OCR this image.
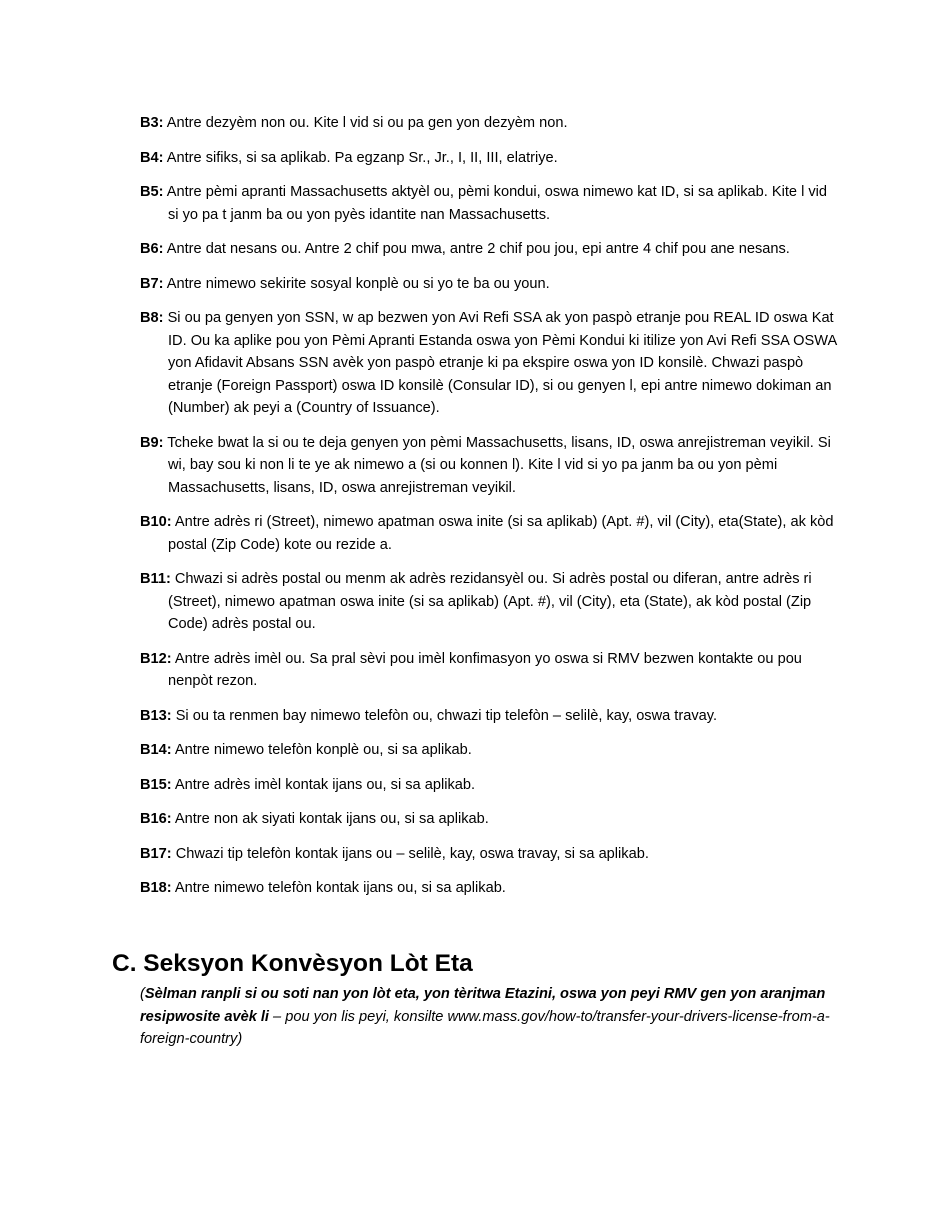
B3: Antre dezyèm non ou. Kite l vid si ou pa gen yon dezyèm non.

B4: Antre sifiks, si sa aplikab. Pa egzanp Sr., Jr., I, II, III, elatriye.

B5: Antre pèmi apranti Massachusetts aktyèl ou, pèmi kondui, oswa nimewo kat ID, si sa aplikab. Kite l vid si yo pa t janm ba ou yon pyès idantite nan Massachusetts.

B6: Antre dat nesans ou. Antre 2 chif pou mwa, antre 2 chif pou jou, epi antre 4 chif pou ane nesans.

B7: Antre nimewo sekirite sosyal konplè ou si yo te ba ou youn.

B8: Si ou pa genyen yon SSN, w ap bezwen yon Avi Refi SSA ak yon paspò etranje pou REAL ID oswa Kat ID. Ou ka aplike pou yon Pèmi Apranti Estanda oswa yon Pèmi Kondui ki itilize yon Avi Refi SSA OSWA yon Afidavit Absans SSN avèk yon paspò etranje ki pa ekspire oswa yon ID konsilè. Chwazi paspò etranje (Foreign Passport) oswa ID konsilè (Consular ID), si ou genyen l, epi antre nimewo dokiman an (Number) ak peyi a (Country of Issuance).

B9: Tcheke bwat la si ou te deja genyen yon pèmi Massachusetts, lisans, ID, oswa anrejistreman veyikil. Si wi, bay sou ki non li te ye ak nimewo a (si ou konnen l). Kite l vid si yo pa janm ba ou yon pèmi Massachusetts, lisans, ID, oswa anrejistreman veyikil.

B10: Antre adrès ri (Street), nimewo apatman oswa inite (si sa aplikab) (Apt. #), vil (City), eta(State), ak kòd postal (Zip Code) kote ou rezide a.

B11: Chwazi si adrès postal ou menm ak adrès rezidansyèl ou. Si adrès postal ou diferan, antre adrès ri (Street), nimewo apatman oswa inite (si sa aplikab) (Apt. #), vil (City), eta (State), ak kòd postal (Zip Code) adrès postal ou.

B12: Antre adrès imèl ou. Sa pral sèvi pou imèl konfimasyon yo oswa si RMV bezwen kontakte ou pou nenpòt rezon.

B13: Si ou ta renmen bay nimewo telefòn ou, chwazi tip telefòn – selilè, kay, oswa travay.

B14: Antre nimewo telefòn konplè ou, si sa aplikab.

B15: Antre adrès imèl kontak ijans ou, si sa aplikab.

B16: Antre non ak siyati kontak ijans ou, si sa aplikab.

B17: Chwazi tip telefòn kontak ijans ou – selilè, kay, oswa travay, si sa aplikab.

B18: Antre nimewo telefòn kontak ijans ou, si sa aplikab.

C. Seksyon Konvèsyon Lòt Eta

(Sèlman ranpli si ou soti nan yon lòt eta, yon tèritwa Etazini, oswa yon peyi RMV gen yon aranjman resipwosite avèk li – pou yon lis peyi, konsilte www.mass.gov/how-to/transfer-your-drivers-license-from-a-foreign-country)
